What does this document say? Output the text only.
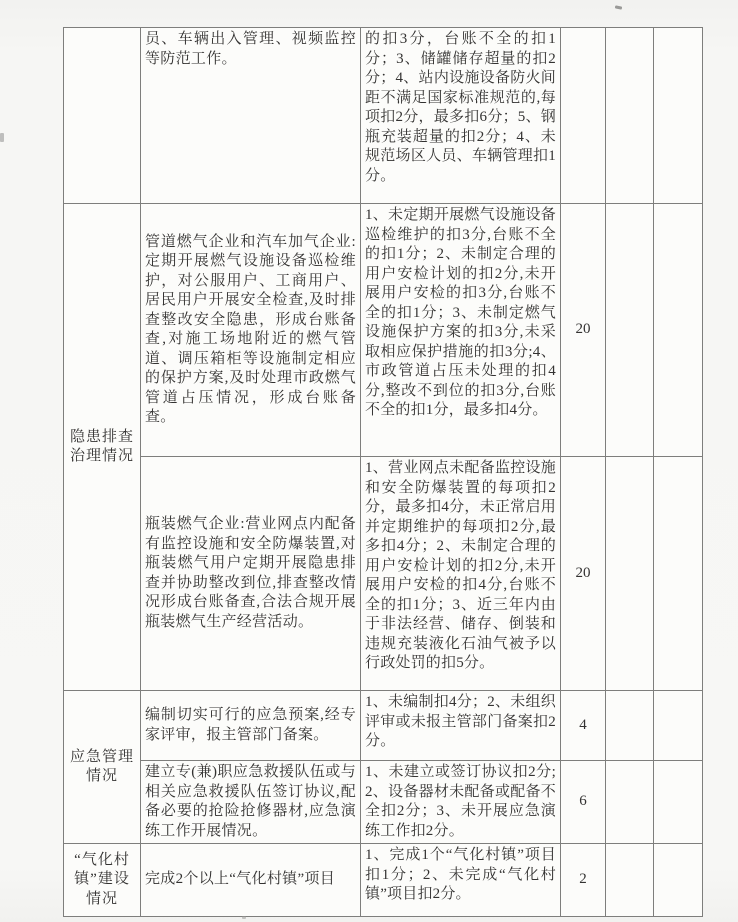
	员、车辆出入管理、视频监控等防范工作。	的扣3分，台账不全的扣1分；3、储罐储存超量的扣2分；4、站内设施设备防火间距不满足国家标准规范的,每项扣2分，最多扣6分；5、钢瓶充装超量的扣2分；4、未规范场区人员、车辆管理扣1分。			
隐患排查治理情况	管道燃气企业和汽车加气企业:定期开展燃气设施设备巡检维护，对公服用户、工商用户、居民用户开展安全检查,及时排查整改安全隐患，形成台账备查,对施工场地附近的燃气管道、调压箱柜等设施制定相应的保护方案,及时处理市政燃气管道占压情况，形成台账备查。	1、未定期开展燃气设施设备巡检维护的扣3分,台账不全的扣1分；2、未制定合理的用户安检计划的扣2分,未开展用户安检的扣3分,台账不全的扣1分；3、未制定燃气设施保护方案的扣3分,未采取相应保护措施的扣3分;4、市政管道占压未处理的扣4分,整改不到位的扣3分,台账不全的扣1分，最多扣4分。	20		
	瓶装燃气企业:营业网点内配备有监控设施和安全防爆装置,对瓶装燃气用户定期开展隐患排查并协助整改到位,排查整改情况形成台账备查,合法合规开展瓶装燃气生产经营活动。	1、营业网点未配备监控设施和安全防爆装置的每项扣2分，最多扣4分，未正常启用并定期维护的每项扣2分,最多扣4分；2、未制定合理的用户安检计划的扣2分,未开展用户安检的扣4分,台账不全的扣1分；3、近三年内由于非法经营、储存、倒装和违规充装液化石油气被予以行政处罚的扣5分。	20		
应急管理情况	编制切实可行的应急预案,经专家评审，报主管部门备案。	1、未编制扣4分；2、未组织评审或未报主管部门备案扣2分。	4		
	建立专(兼)职应急救援队伍或与相关应急救援队伍签订协议,配备必要的抢险抢修器材,应急演练工作开展情况。	1、未建立或签订协议扣2分; 2、设备器材未配备或配备不全扣2分；3、未开展应急演练工作扣2分。	6		
“气化村镇”建设情况	完成2个以上“气化村镇”项目	1、完成1个“气化村镇”项目扣1分；2、未完成“气化村镇”项目扣2分。	2		
